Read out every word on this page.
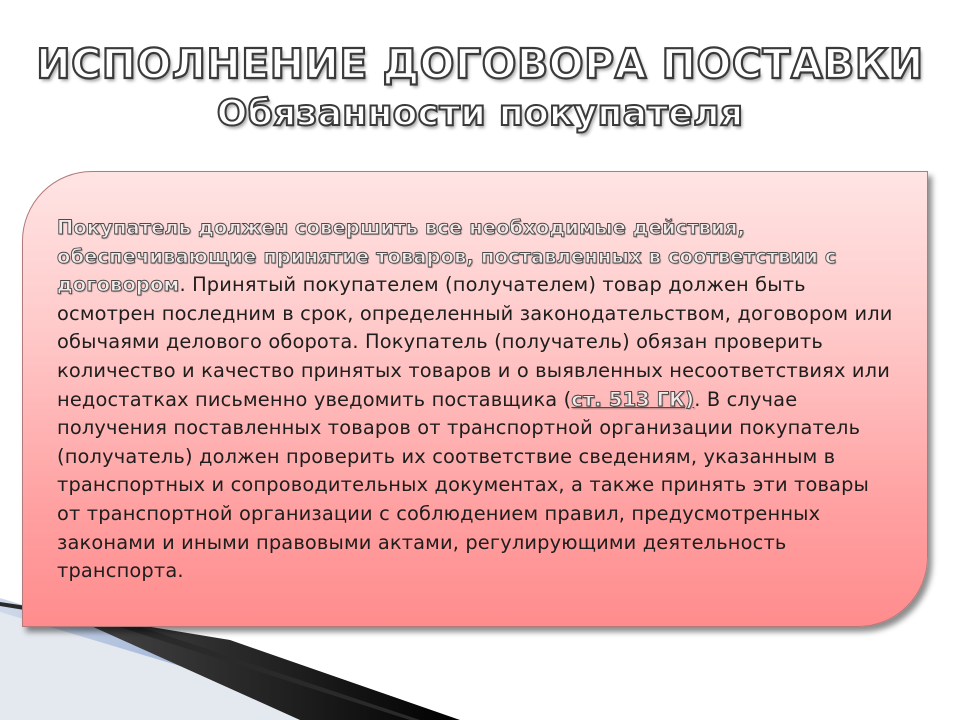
ИСПОЛНЕНИЕ ДОГОВОРА ПОСТАВКИ
Обязанности покупателя

Покупатель должен совершить все необходимые действия, обеспечивающие принятие товаров, поставленных в соответствии с договором. Принятый покупателем (получателем) товар должен быть осмотрен последним в срок, определенный законодательством, договором или обычаями делового оборота. Покупатель (получатель) обязан проверить количество и качество принятых товаров и о выявленных несоответствиях или недостатках письменно уведомить поставщика (ст. 513 ГК). В случае получения поставленных товаров от транспортной организации покупатель (получатель) должен проверить их соответствие сведениям, указанным в транспортных и сопроводительных документах, а также принять эти товары от транспортной организации с соблюдением правил, предусмотренных законами и иными правовыми актами, регулирующими деятельность транспорта.
